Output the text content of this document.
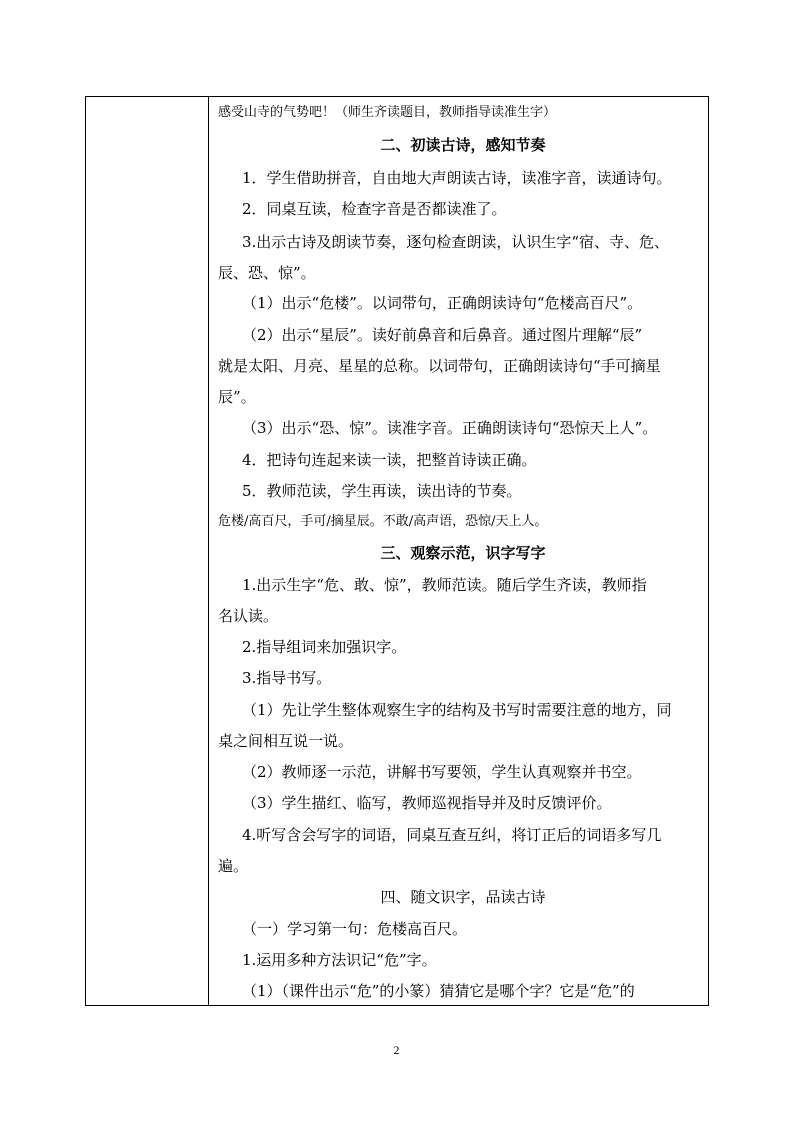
感受山寺的气势吧！（师生齐读题目，教师指导读准生字）
二、初读古诗，感知节奏
1．学生借助拼音，自由地大声朗读古诗，读准字音，读通诗句。
2．同桌互读，检查字音是否都读准了。
3.出示古诗及朗读节奏，逐句检查朗读，认识生字“宿、寺、危、
辰、恐、惊”。
（1）出示“危楼”。以词带句，正确朗读诗句“危楼高百尺”。
（2）出示“星辰”。读好前鼻音和后鼻音。通过图片理解“辰”
就是太阳、月亮、星星的总称。以词带句，正确朗读诗句“手可摘星
辰”。
（3）出示“恐、惊”。读准字音。正确朗读诗句“恐惊天上人”。
4．把诗句连起来读一读，把整首诗读正确。
5．教师范读，学生再读，读出诗的节奏。
危楼/高百尺，手可/摘星辰。不敢/高声语，恐惊/天上人。
三、观察示范，识字写字
1.出示生字“危、敢、惊”，教师范读。随后学生齐读，教师指
名认读。
2.指导组词来加强识字。
3.指导书写。
（1）先让学生整体观察生字的结构及书写时需要注意的地方，同
桌之间相互说一说。
（2）教师逐一示范，讲解书写要领，学生认真观察并书空。
（3）学生描红、临写，教师巡视指导并及时反馈评价。
4.听写含会写字的词语，同桌互查互纠，将订正后的词语多写几
遍。
四、随文识字，品读古诗
（一）学习第一句：危楼高百尺。
1.运用多种方法识记“危”字。
（1）（课件出示“危”的小篆）猜猜它是哪个字？它是“危”的
2
